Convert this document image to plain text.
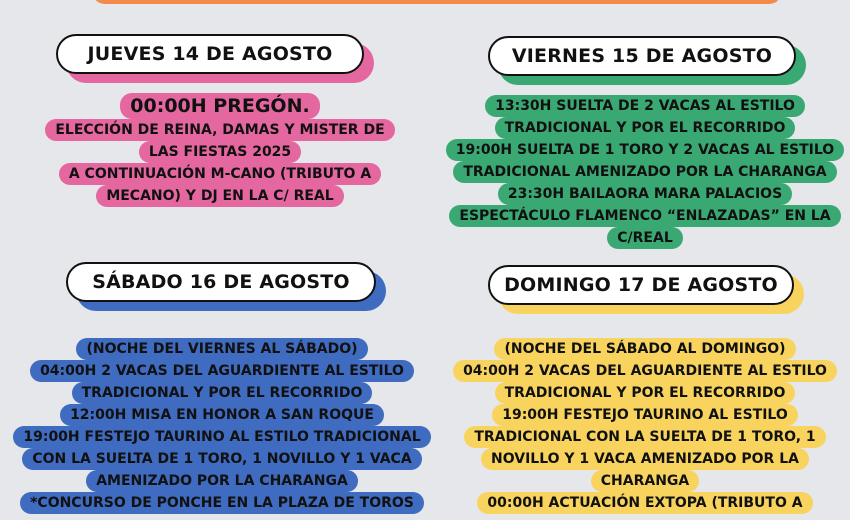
JUEVES 14 DE AGOSTO
00:00H PREGÓN.
ELECCIÓN DE REINA, DAMAS Y MISTER DE
LAS FIESTAS 2025
A CONTINUACIÓN M-CANO (TRIBUTO A
MECANO) Y DJ EN LA C/ REAL
VIERNES 15 DE AGOSTO
13:30H SUELTA DE 2 VACAS AL ESTILO
TRADICIONAL Y POR EL RECORRIDO
19:00H SUELTA DE 1 TORO Y 2 VACAS AL ESTILO
TRADICIONAL AMENIZADO POR LA CHARANGA
23:30H BAILAORA MARA PALACIOS
ESPECTÁCULO FLAMENCO “ENLAZADAS” EN LA
C/REAL
SÁBADO 16 DE AGOSTO
(NOCHE DEL VIERNES AL SÁBADO)
04:00H 2 VACAS DEL AGUARDIENTE AL ESTILO
TRADICIONAL Y POR EL RECORRIDO
12:00H MISA EN HONOR A SAN ROQUE
19:00H FESTEJO TAURINO AL ESTILO TRADICIONAL
CON LA SUELTA DE 1 TORO, 1 NOVILLO Y 1 VACA
AMENIZADO POR LA CHARANGA
*CONCURSO DE PONCHE EN LA PLAZA DE TOROS
DOMINGO 17 DE AGOSTO
(NOCHE DEL SÁBADO AL DOMINGO)
04:00H 2 VACAS DEL AGUARDIENTE AL ESTILO
TRADICIONAL Y POR EL RECORRIDO
19:00H FESTEJO TAURINO AL ESTILO
TRADICIONAL CON LA SUELTA DE 1 TORO, 1
NOVILLO Y 1 VACA AMENIZADO POR LA
CHARANGA
00:00H ACTUACIÓN EXTOPA (TRIBUTO A
